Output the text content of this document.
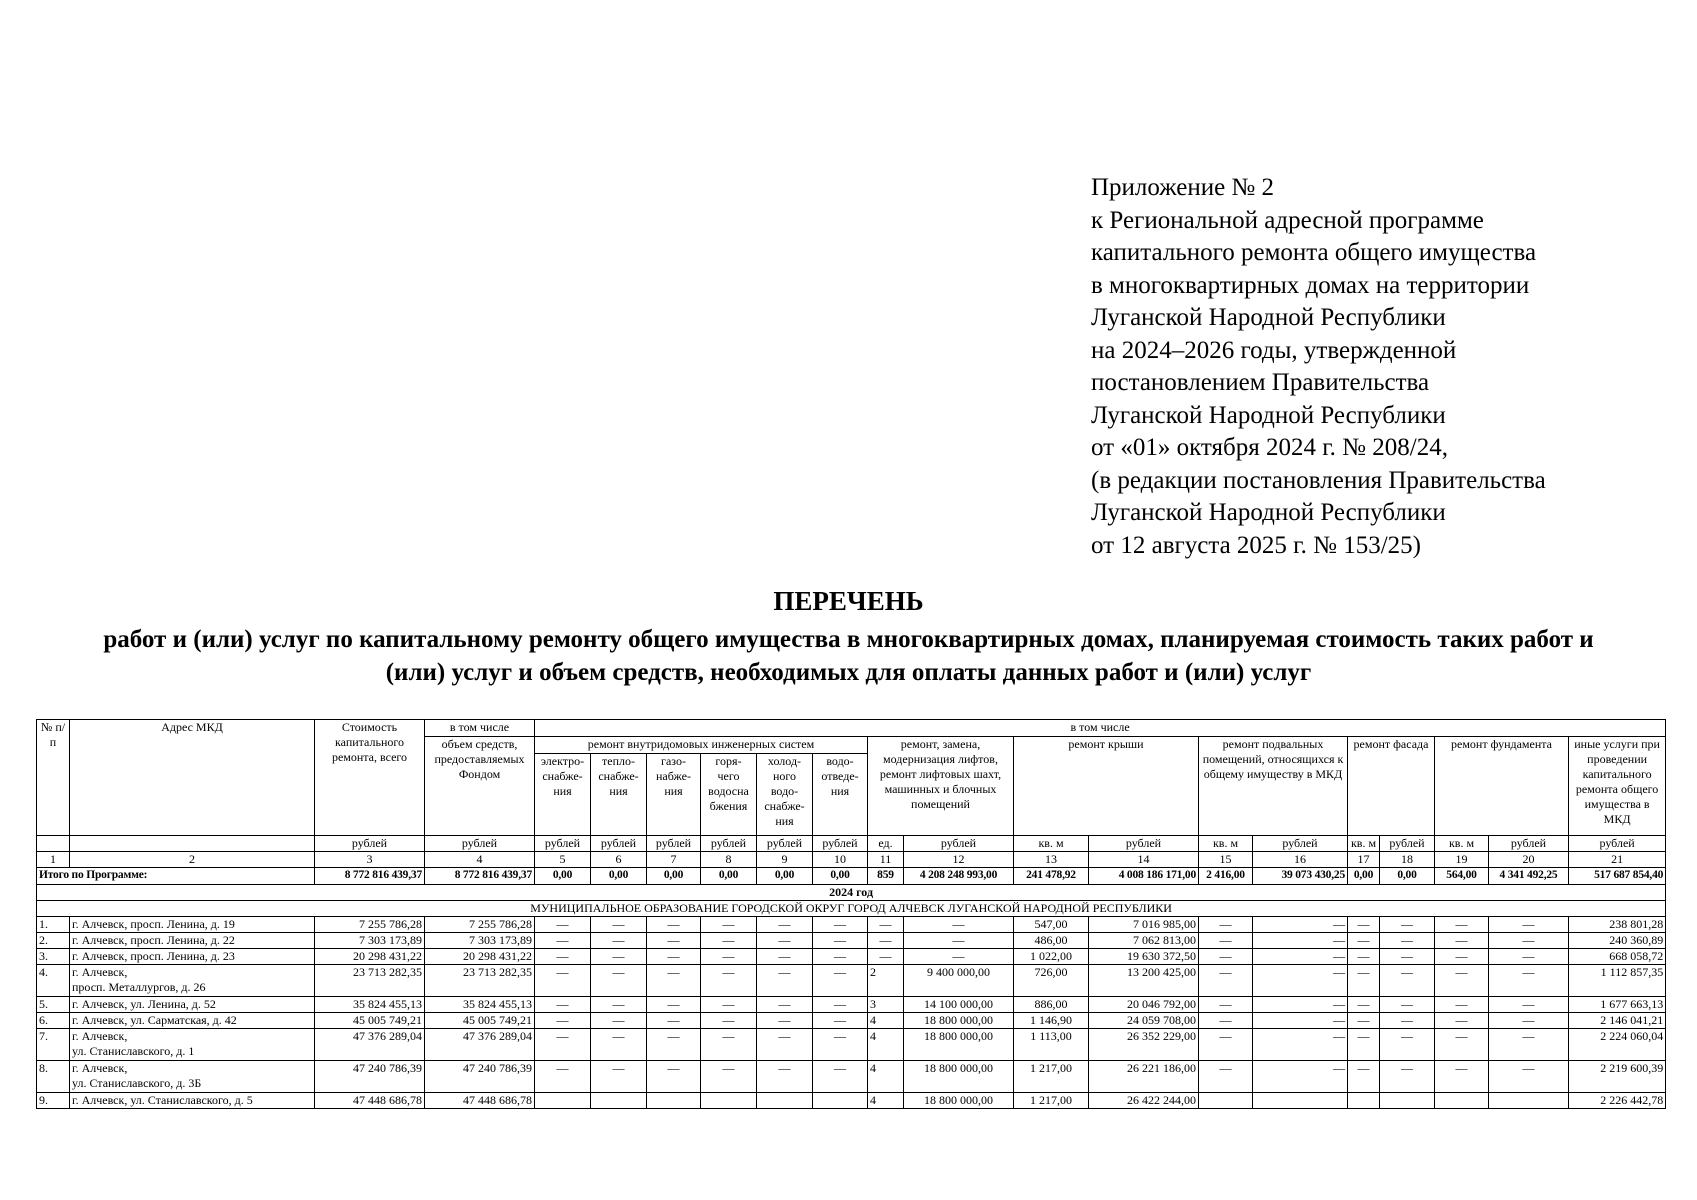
Приложение № 2
к Региональной адресной программе
капитального ремонта общего имущества
в многоквартирных домах на территории
Луганской Народной Республики
на 2024–2026 годы, утвержденной
постановлением Правительства
Луганской Народной Республики
от «01» октября 2024 г. № 208/24,
(в редакции постановления Правительства
Луганской Народной Республики
от 12 августа 2025 г. № 153/25)
ПЕРЕЧЕНЬ
работ и (или) услуг по капитальному ремонту общего имущества в многоквартирных домах, планируемая стоимость таких работ и (или) услуг и объем средств, необходимых для оплаты данных работ и (или) услуг
№ п/п	Адрес МКД	Стоимость капитального ремонта, всего	в том числе	в том числе																
			объем средств, предоставляемых Фондом	ремонт внутридомовых инженерных систем						ремонт, замена, модернизация лифтов, ремонт лифтовых шахт, машинных и блочных помещений		ремонт крыши		ремонт подвальных помещений, относящихся к общему имуществу в МКД		ремонт фасада		ремонт фундамента		иные услуги при проведении капитального ремонта общего имущества в МКД
				электро- снабже- ния	тепло- снабже- ния	газо- набже- ния	горя- чего водосна бжения	холод- ного водо- снабже- ния	водо- отведе- ния											
		рублей	рублей	рублей	рублей	рублей	рублей	рублей	рублей	ед.	рублей	кв. м	рублей	кв. м	рублей	кв. м	рублей	кв. м	рублей	рублей
1	2	3	4	5	6	7	8	9	10	11	12	13	14	15	16	17	18	19	20	21
Итого по Программе:		8 772 816 439,37	8 772 816 439,37	0,00	0,00	0,00	0,00	0,00	0,00	859	4 208 248 993,00	241 478,92	4 008 186 171,00	2 416,00	39 073 430,25	0,00	0,00	564,00	4 341 492,25	517 687 854,40
2024 год																				
МУНИЦИПАЛЬНОЕ ОБРАЗОВАНИЕ ГОРОДСКОЙ ОКРУГ ГОРОД АЛЧЕВСК ЛУГАНСКОЙ НАРОДНОЙ РЕСПУБЛИКИ																				
1.	г. Алчевск, просп. Ленина, д. 19	7 255 786,28	7 255 786,28	—	—	—	—	—	—	—	—	547,00	7 016 985,00	—	—	—	—	—	—	238 801,28
2.	г. Алчевск, просп. Ленина, д. 22	7 303 173,89	7 303 173,89	—	—	—	—	—	—	—	—	486,00	7 062 813,00	—	—	—	—	—	—	240 360,89
3.	г. Алчевск, просп. Ленина, д. 23	20 298 431,22	20 298 431,22	—	—	—	—	—	—	—	—	1 022,00	19 630 372,50	—	—	—	—	—	—	668 058,72
4.	г. Алчевск,
просп. Металлургов, д. 26	23 713 282,35	23 713 282,35	—	—	—	—	—	—	2	9 400 000,00	726,00	13 200 425,00	—	—	—	—	—	—	1 112 857,35
5.	г. Алчевск, ул. Ленина, д. 52	35 824 455,13	35 824 455,13	—	—	—	—	—	—	3	14 100 000,00	886,00	20 046 792,00	—	—	—	—	—	—	1 677 663,13
6.	г. Алчевск, ул. Сарматская, д. 42	45 005 749,21	45 005 749,21	—	—	—	—	—	—	4	18 800 000,00	1 146,90	24 059 708,00	—	—	—	—	—	—	2 146 041,21
7.	г. Алчевск,
ул. Станиславского, д. 1	47 376 289,04	47 376 289,04	—	—	—	—	—	—	4	18 800 000,00	1 113,00	26 352 229,00	—	—	—	—	—	—	2 224 060,04
8.	г. Алчевск,
ул. Станиславского, д. 3Б	47 240 786,39	47 240 786,39	—	—	—	—	—	—	4	18 800 000,00	1 217,00	26 221 186,00	—	—	—	—	—	—	2 219 600,39
9.	г. Алчевск, ул. Станиславского, д. 5	47 448 686,78	47 448 686,78							4	18 800 000,00	1 217,00	26 422 244,00							2 226 442,78
